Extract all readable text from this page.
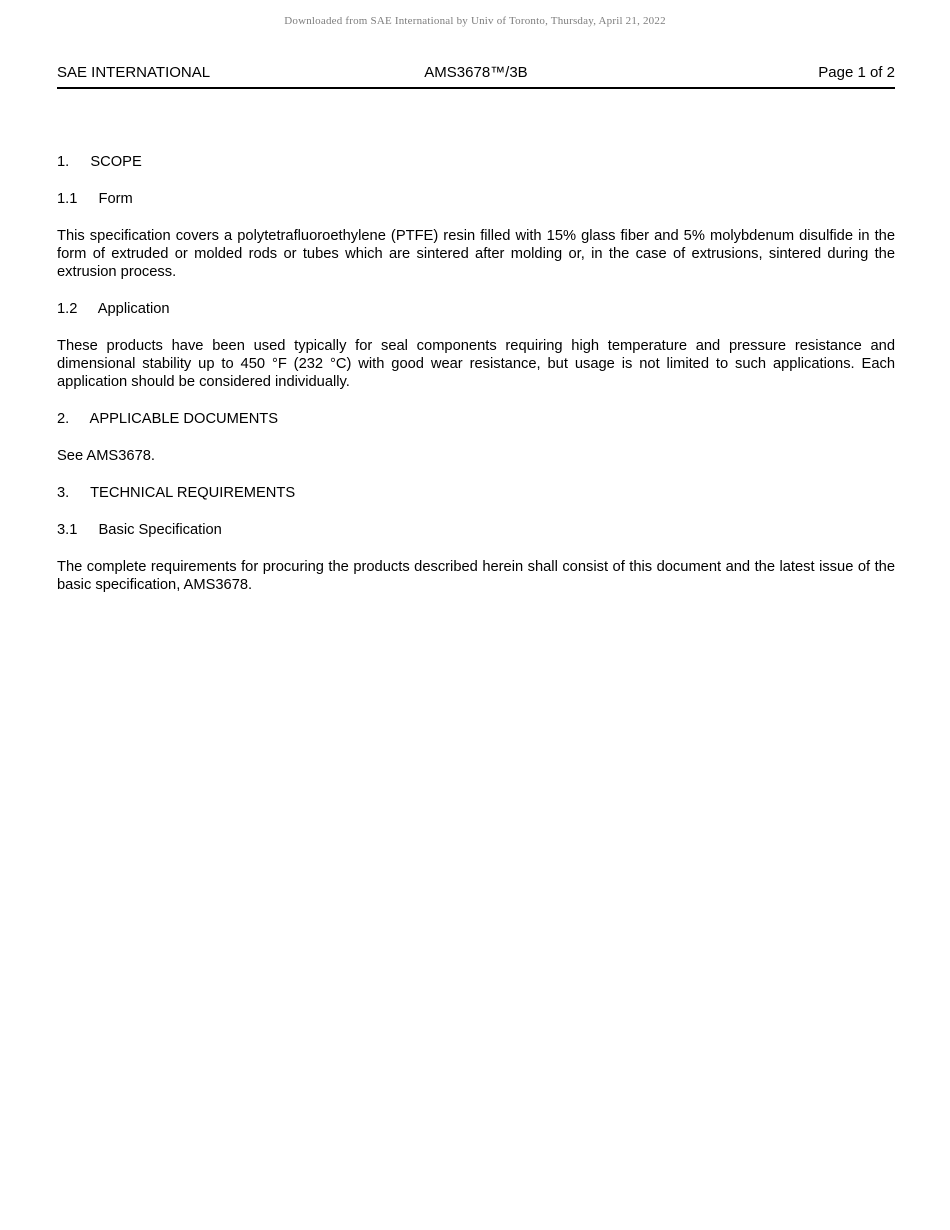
Downloaded from SAE International by Univ of Toronto, Thursday, April 21, 2022
SAE INTERNATIONAL	AMS3678™/3B	Page 1 of 2
1. SCOPE
1.1 Form

This specification covers a polytetrafluoroethylene (PTFE) resin filled with 15% glass fiber and 5% molybdenum disulfide in the form of extruded or molded rods or tubes which are sintered after molding or, in the case of extrusions, sintered during the extrusion process.

1.2 Application

These products have been used typically for seal components requiring high temperature and pressure resistance and dimensional stability up to 450 °F (232 °C) with good wear resistance, but usage is not limited to such applications. Each application should be considered individually.

2. APPLICABLE DOCUMENTS

See AMS3678.

3. TECHNICAL REQUIREMENTS
3.1 Basic Specification

The complete requirements for procuring the products described herein shall consist of this document and the latest issue of the basic specification, AMS3678.
